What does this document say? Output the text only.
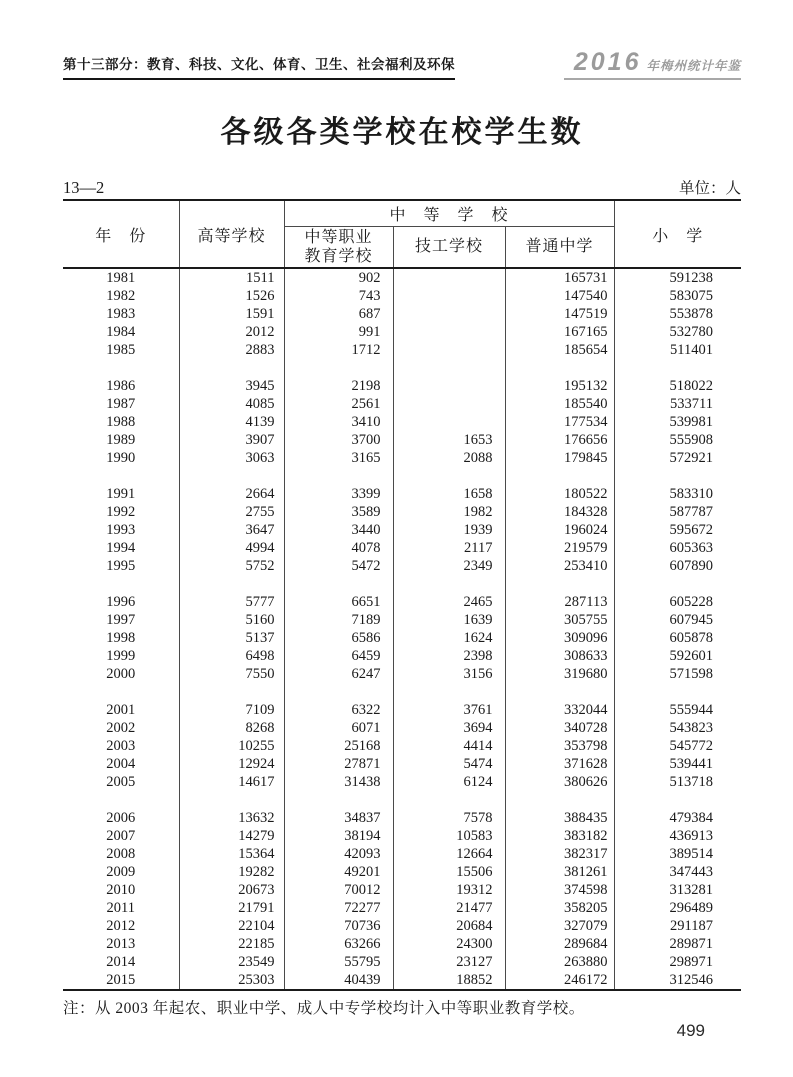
第十三部分：教育、科技、文化、体育、卫生、社会福利及环保	2016 年梅州统计年鉴
各级各类学校在校学生数
13—2	单位：人
年　份	高等学校	中　等　学　校			小　学
		中等职业
教育学校	技工学校	普通中学	
1981	1511	902		165731	591238
1982	1526	743		147540	583075
1983	1591	687		147519	553878
1984	2012	991		167165	532780
1985	2883	1712		185654	511401

1986	3945	2198		195132	518022
1987	4085	2561		185540	533711
1988	4139	3410		177534	539981
1989	3907	3700	1653	176656	555908
1990	3063	3165	2088	179845	572921

1991	2664	3399	1658	180522	583310
1992	2755	3589	1982	184328	587787
1993	3647	3440	1939	196024	595672
1994	4994	4078	2117	219579	605363
1995	5752	5472	2349	253410	607890

1996	5777	6651	2465	287113	605228
1997	5160	7189	1639	305755	607945
1998	5137	6586	1624	309096	605878
1999	6498	6459	2398	308633	592601
2000	7550	6247	3156	319680	571598

2001	7109	6322	3761	332044	555944
2002	8268	6071	3694	340728	543823
2003	10255	25168	4414	353798	545772
2004	12924	27871	5474	371628	539441
2005	14617	31438	6124	380626	513718

2006	13632	34837	7578	388435	479384
2007	14279	38194	10583	383182	436913
2008	15364	42093	12664	382317	389514
2009	19282	49201	15506	381261	347443
2010	20673	70012	19312	374598	313281
2011	21791	72277	21477	358205	296489
2012	22104	70736	20684	327079	291187
2013	22185	63266	24300	289684	289871
2014	23549	55795	23127	263880	298971
2015	25303	40439	18852	246172	312546
注：从 2003 年起农、职业中学、成人中专学校均计入中等职业教育学校。
499
